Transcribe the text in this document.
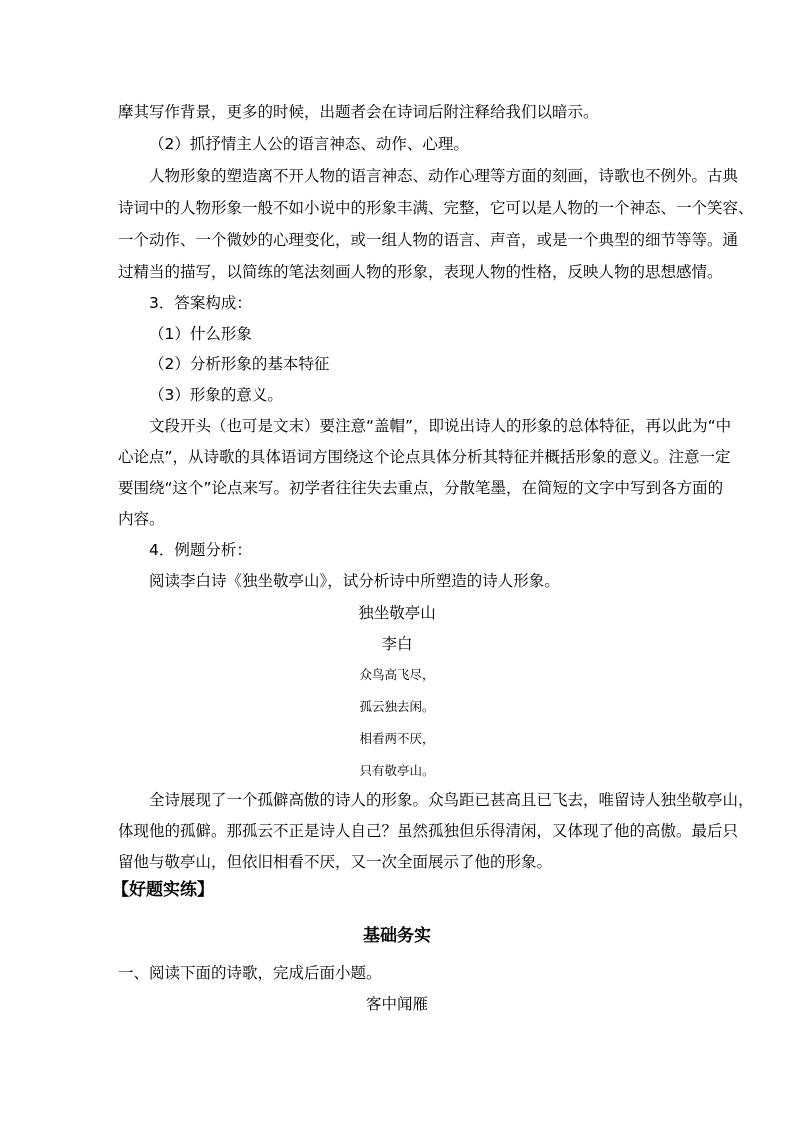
摩其写作背景，更多的时候，出题者会在诗词后附注释给我们以暗示。
（2）抓抒情主人公的语言神态、动作、心理。
人物形象的塑造离不开人物的语言神态、动作心理等方面的刻画，诗歌也不例外。古典
诗词中的人物形象一般不如小说中的形象丰满、完整，它可以是人物的一个神态、一个笑容、
一个动作、一个微妙的心理变化，或一组人物的语言、声音，或是一个典型的细节等等。通
过精当的描写，以简练的笔法刻画人物的形象，表现人物的性格，反映人物的思想感情。
3．答案构成：
（1）什么形象
（2）分析形象的基本特征
（3）形象的意义。
文段开头（也可是文末）要注意“盖帽”，即说出诗人的形象的总体特征，再以此为“中
心论点”，从诗歌的具体语词方围绕这个论点具体分析其特征并概括形象的意义。注意一定
要围绕“这个”论点来写。初学者往往失去重点，分散笔墨，在简短的文字中写到各方面的
内容。
4．例题分析：
阅读李白诗《独坐敬亭山》，试分析诗中所塑造的诗人形象。
独坐敬亭山
李白
众鸟高飞尽，
孤云独去闲。
相看两不厌，
只有敬亭山。
全诗展现了一个孤僻高傲的诗人的形象。众鸟距已甚高且已飞去，唯留诗人独坐敬亭山，
体现他的孤僻。那孤云不正是诗人自己？虽然孤独但乐得清闲，又体现了他的高傲。最后只
留他与敬亭山，但依旧相看不厌，又一次全面展示了他的形象。
【好题实练】
基础务实
一、阅读下面的诗歌，完成后面小题。
客中闻雁
